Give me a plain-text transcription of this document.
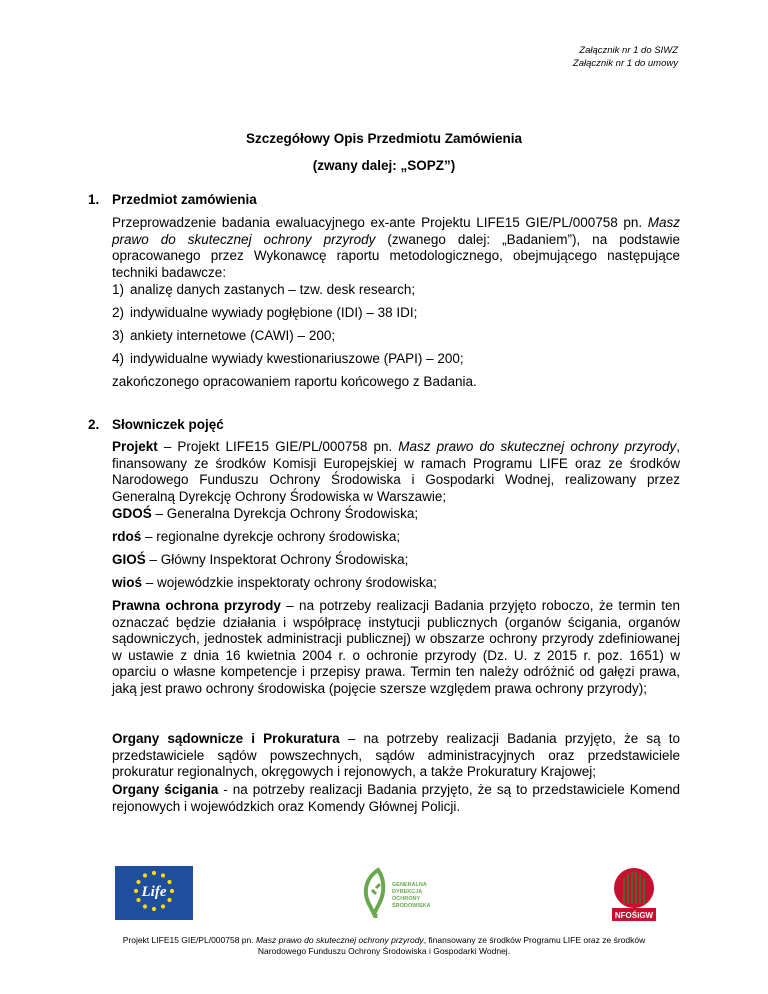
Załącznik nr 1 do SIWZ
Załącznik nr 1 do umowy
Szczegółowy Opis Przedmiotu Zamówienia
(zwany dalej: „SOPZ”)
1. Przedmiot zamówienia
Przeprowadzenie badania ewaluacyjnego ex-ante Projektu LIFE15 GIE/PL/000758 pn. Masz prawo do skutecznej ochrony przyrody (zwanego dalej: „Badaniem”), na podstawie opracowanego przez Wykonawcę raportu metodologicznego, obejmującego następujące techniki badawcze:
1) analizę danych zastanych – tzw. desk research;
2) indywidualne wywiady pogłębione (IDI) – 38 IDI;
3) ankiety internetowe (CAWI) – 200;
4) indywidualne wywiady kwestionariuszowe (PAPI) – 200;
zakończonego opracowaniem raportu końcowego z Badania.
2. Słowniczek pojęć
Projekt – Projekt LIFE15 GIE/PL/000758 pn. Masz prawo do skutecznej ochrony przyrody, finansowany ze środków Komisji Europejskiej w ramach Programu LIFE oraz ze środków Narodowego Funduszu Ochrony Środowiska i Gospodarki Wodnej, realizowany przez Generalną Dyrekcję Ochrony Środowiska w Warszawie;
GDOŚ – Generalna Dyrekcja Ochrony Środowiska;
rdoś – regionalne dyrekcje ochrony środowiska;
GIOŚ – Główny Inspektorat Ochrony Środowiska;
wioś – wojewódzkie inspektoraty ochrony środowiska;
Prawna ochrona przyrody – na potrzeby realizacji Badania przyjęto roboczo, że termin ten oznaczać będzie działania i współpracę instytucji publicznych (organów ścigania, organów sądowniczych, jednostek administracji publicznej) w obszarze ochrony przyrody zdefiniowanej w ustawie z dnia 16 kwietnia 2004 r. o ochronie przyrody (Dz. U. z 2015 r. poz. 1651) w oparciu o własne kompetencje i przepisy prawa. Termin ten należy odróżnić od gałęzi prawa, jaką jest prawo ochrony środowiska (pojęcie szersze względem prawa ochrony przyrody);
Organy sądownicze i Prokuratura – na potrzeby realizacji Badania przyjęto, że są to przedstawiciele sądów powszechnych, sądów administracyjnych oraz przedstawiciele prokuratur regionalnych, okręgowych i rejonowych, a także Prokuratury Krajowej;
Organy ścigania - na potrzeby realizacji Badania przyjęto, że są to przedstawiciele Komend rejonowych i wojewódzkich oraz Komendy Głównej Policji.
Life	GENERALNA
DYREKCJA
OCHRONY
ŚRODOWISKA
NFOŚiGW
Projekt LIFE15 GIE/PL/000758 pn. Masz prawo do skutecznej ochrony przyrody, finansowany ze środków Programu LIFE oraz ze środków
Narodowego Funduszu Ochrony Środowiska i Gospodarki Wodnej.
